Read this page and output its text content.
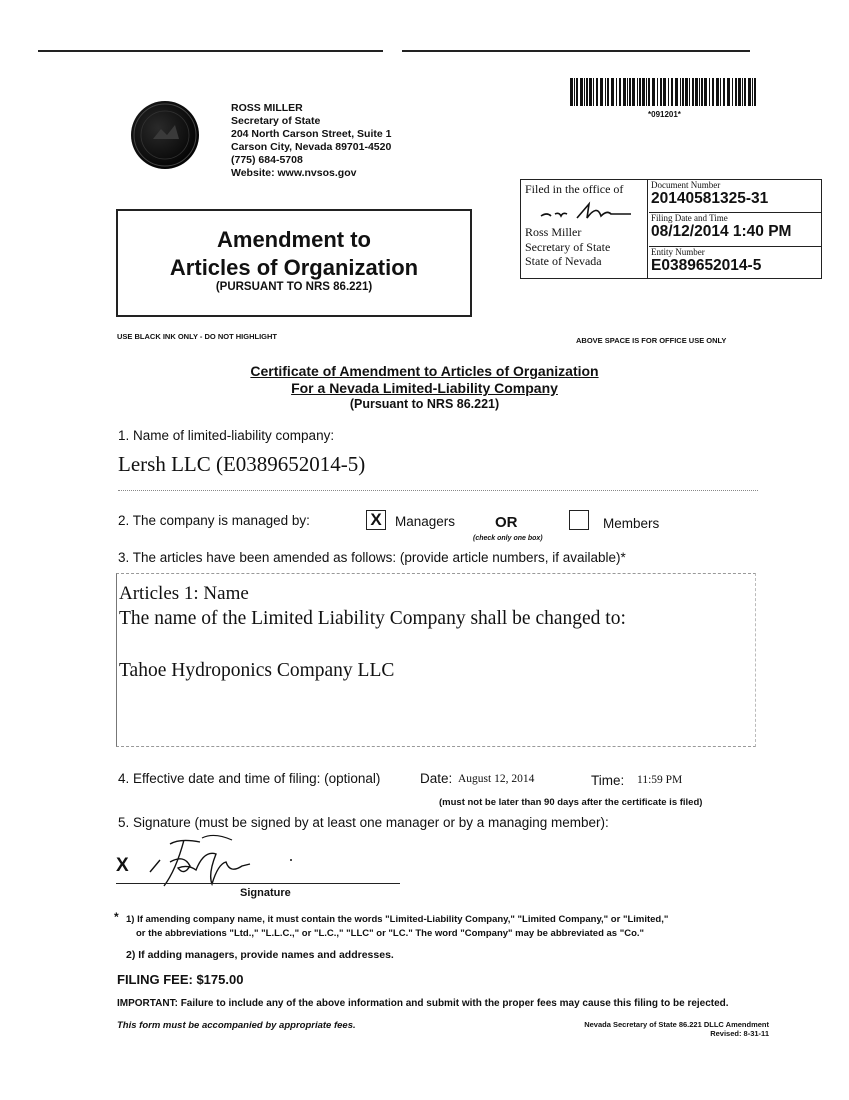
ROSS MILLER
Secretary of State
204 North Carson Street, Suite 1
Carson City, Nevada 89701-4520
(775) 684-5708
Website: www.nvsos.gov
*091201*
Amendment to
Articles of Organization
(PURSUANT TO NRS 86.221)
Filed in the office of
Ross Miller
Secretary of State
State of Nevada
Document Number
20140581325-31
Filing Date and Time
08/12/2014 1:40 PM
Entity Number
E0389652014-5
USE BLACK INK ONLY - DO NOT HIGHLIGHT	ABOVE SPACE IS FOR OFFICE USE ONLY
Certificate of Amendment to Articles of Organization
For a Nevada Limited-Liability Company
(Pursuant to NRS 86.221)
1. Name of limited-liability company:
Lersh LLC (E0389652014-5)
2. The company is managed by:	X Managers	OR
(check only one box)
Members
3. The articles have been amended as follows: (provide article numbers, if available)*
Articles 1: Name
The name of the Limited Liability Company shall be changed to:
Tahoe Hydroponics Company LLC
4. Effective date and time of filing: (optional)	Date: August 12, 2014	Time: 11:59 PM
(must not be later than 90 days after the certificate is filed)
5. Signature (must be signed by at least one manager or by a managing member):
X
Signature
* 1) If amending company name, it must contain the words "Limited-Liability Company," "Limited Company," or "Limited,"
or the abbreviations "Ltd.," "L.L.C.," or "L.C.," "LLC" or "LC." The word "Company" may be abbreviated as "Co."
2) If adding managers, provide names and addresses.
FILING FEE: $175.00
IMPORTANT: Failure to include any of the above information and submit with the proper fees may cause this filing to be rejected.
This form must be accompanied by appropriate fees.	Nevada Secretary of State 86.221 DLLC Amendment
Revised: 8-31-11
